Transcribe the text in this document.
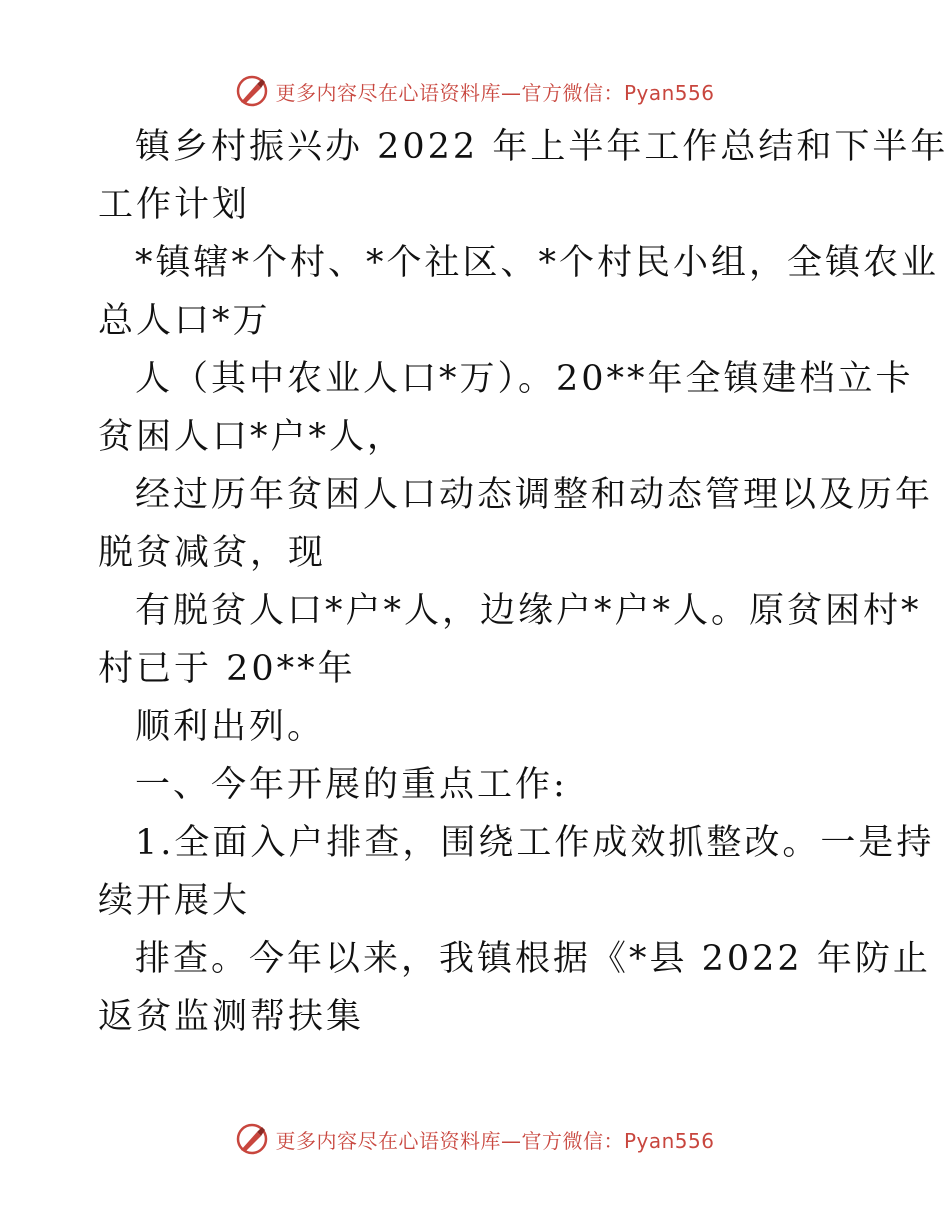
更多内容尽在心语资料库—官方微信：Pyan556
镇乡村振兴办 2022 年上半年工作总结和下半年
工作计划
*镇辖*个村、*个社区、*个村民小组，全镇农业
总人口*万
人（其中农业人口*万）。20**年全镇建档立卡
贫困人口*户*人，
经过历年贫困人口动态调整和动态管理以及历年
脱贫减贫，现
有脱贫人口*户*人，边缘户*户*人。原贫困村*
村已于 20**年
顺利出列。
一、今年开展的重点工作:
1.全面入户排查，围绕工作成效抓整改。一是持
续开展大
排查。今年以来，我镇根据《*县 2022 年防止
返贫监测帮扶集
更多内容尽在心语资料库—官方微信：Pyan556
